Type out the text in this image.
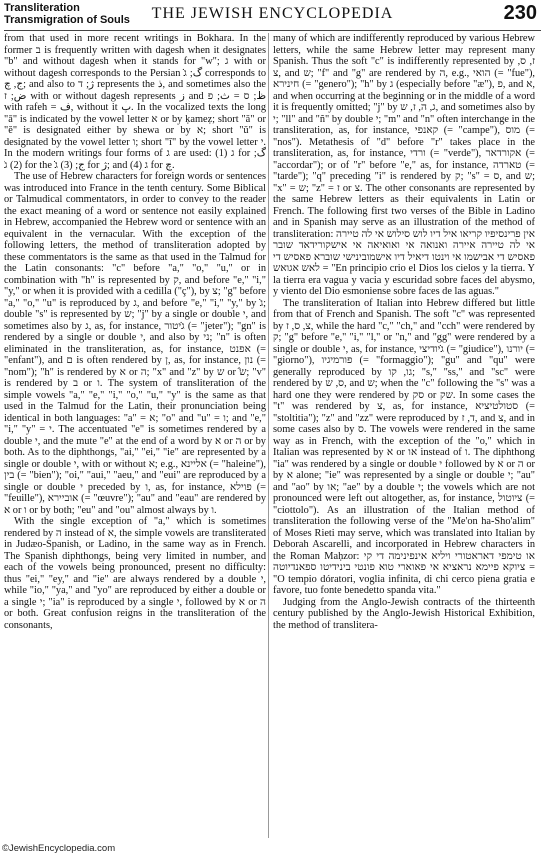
Transliteration
Transmigration of Souls	THE JEWISH ENCYCLOPEDIA	230

from that used in more recent writings in Bokhara. In the former ב is frequently written with dagesh when it designates "b" and without dagesh when it stands for "w"; ג with or without dagesh corresponds to the Persian گ; ג̇ corresponds to ج, چ; and also to ژ; ד represents the ذ, and sometimes also the ض; ז with or without dagesh represents ز and ظ; ס = ث; פ with rafeh = ف, without it پ. In the vocalized texts the long "ā" is indicated by the vowel letter א or by ḳameẓ; short "ă" or "ĕ" is designated either by shewa or by א; short "ŭ" is designated by the vowel letter ו; short "ĭ" by the vowel letter י. In the modern writings four forms of ג are used: (1) ג for گ; (2) ג̇ for the ج; (3) ג̇ for ژ; and (4) ג for چ.

The use of Hebrew characters for foreign words or sentences was introduced into France in the tenth century. Some Biblical or Talmudical commentators, in order to convey to the reader the exact meaning of a word or sentence not easily explained in Hebrew, accompanied the Hebrew word or sentence with an equivalent in the vernacular. With the exception of the following letters, the method of transliteration adopted by these commentators is the same as that used in the Talmud for the Latin consonants: "c" before "a," "o," "u," or in combination with "h" is represented by ק, and before "e," "i," "y," or when it is provided with a cedilla ("ç"), by צ; "g" before "a," "o," "u" is reproduced by ג, and before "e," "i," "y," by ג̇; double "s" is represented by ש; "j" by a single or double י, and sometimes also by ג, as, for instance, ג̇יטור (= "jeter"); "gn" is rendered by a single or double י, and also by ני; "n" is often eliminated in the transliteration, as, for instance, אפנט (= "enfant"), and ם is often rendered by ן, as, for instance, נון (= "nom"); "h" is rendered by א or ה; "x" and "z" by ש or ש̂; "v" is rendered by ב or ו. The system of transliteration of the simple vowels "a," "e," "i," "o," "u," "y" is the same as that used in the Talmud for the Latin, their pronunciation being identical in both languages: "a" = א; "o" and "u" = ו; and "e," "i," "y" = י. The accentuated "e" is sometimes rendered by a double י, and the mute "e" at the end of a word by א or ה or by both. As to the diphthongs, "ai," "ei," "ie" are represented by a single or double י, with or without א; e.g., אליינא (= "haleine"), בין (= "bien"); "oi," "aui," "aeu," and "eui" are reproduced by a single or double י preceded by ו, as, for instance, פוילא (= "feuille"), אוביירא (= "œuvre"); "au" and "eau" are rendered by א or ו or by both; "eu" and "ou" almost always by ו.

With the single exception of "a," which is sometimes rendered by ה instead of א, the simple vowels are transliterated in Judæo-Spanish, or Ladino, in the same way as in French. The Spanish diphthongs, being very limited in number, and each of the vowels being pronounced, present no difficulty: thus "ei," "ey," and "ie" are always rendered by a double י, while "io," "ya," and "yo" are reproduced by either a double or a single י; "ia" is reproduced by a single י, followed by א or ה or both. Great confusion reigns in the transliteration of the consonants,

many of which are indifferently reproduced by various Hebrew letters, while the same Hebrew letter may represent many Spanish. Thus the soft "c" is indifferently represented by ז, ס, צ, and ש; "f" and "g" are rendered by ה, e.g., הואי (= "fue"), חינירא (= "genero"); "h" by ג (especially before "æ"), פ, and א, and when occurring at the beginning or in the middle of a word it is frequently omitted; "j" by ג, ה, ז, ש, and sometimes also by י; "ll" and "ñ" by double י; "m" and "n" often interchange in the transliteration, as, for instance, קאנפי (= "campe"), מוס (= "nos"). Metathesis of "d" before "r" takes place in the transliteration, as, for instance, ורדי (= "verde"), אקורדאר (= "accordar"); or of "r" before "e," as, for instance, טארדה (= "tarde"); "q" preceding "i" is rendered by ק; "s" = ס, and ש; "x" = ש; "z" = ז or צ. The other consonants are represented by the same Hebrew letters as their equivalents in Latin or French. The following first two verses of the Bible in Ladino and in Spanish may serve as an illustration of the method of transliteration: אין פרינסיפיו קריאו איל דיו לוש סילוש אי לה טיירה אי לה טיירה איירה ואנואה אי ואואיאה אי אישקורידאד שובר פאסיש די אבישמו אי וינטו דיאיל דיו אישמובינישי שוברא פאסיש די לאש אגואש = "En principio crio el Dios los cielos y la tierra. Y la tierra era vagua y vacia y escuridad sobre faces del abysmo, y viento del Dio esmoniense sobre faces de las aguas."

The transliteration of Italian into Hebrew differed but little from that of French and Spanish. The soft "c" was represented by צ, ס, ז, while the hard "c," "ch," and "cch" were rendered by ק; "g" before "e," "i," "l," or "n," and "gg" were rendered by a single or double י, as, for instance, ג̇יודיצי (= "giudice"), יורנו (= "giorno"), פורמיגיו (= "formaggio"); "gu" and "qu" were generally reproduced by גו, קו; "s," "ss," and "sc" were rendered by ס, ש, and ש; when the "c" following the "s" was a hard one they were rendered by סק or שק. In some cases the "t" was rendered by צ, as, for instance, סטולטיציא (= "stoltitia"); "z" and "zz" were reproduced by ד, ז, and צ, and in some cases also by ס. The vowels were rendered in the same way as in French, with the exception of the "o," which in Italian was represented by א or או instead of ו. The diphthong "ia" was rendered by a single or double י followed by א or ה or by א alone; "ie" was represented by a single or double י; "au" and "ao" by או; "ae" by a double י; the vowels which are not pronounced were left out altogether, as, for instance, ציוטול (= "ciottolo"). As an illustration of the Italian method of transliteration the following verse of the "Me'on ha-Sho'alim" of Moses Rieti may serve, which was translated into Italian by Deborah Ascarelli, and incorporated in Hebrew characters in the Roman Maḥzor: או טימפי דאראטורי ויליא אינפינימה די קי ציוקא פיימא נראציא אי פאוארי טוא פונטי בינידיטו ספאנדיוטה = "O tempio dóratori, voglia infinita, di chi cerco piena gratia e favore, tuo fonte benedetto spanda vita."

Judging from the Anglo-Jewish contracts of the thirteenth century published by the Anglo-Jewish Historical Exhibition, the method of translitera-

©JewishEncyclopedia.com
